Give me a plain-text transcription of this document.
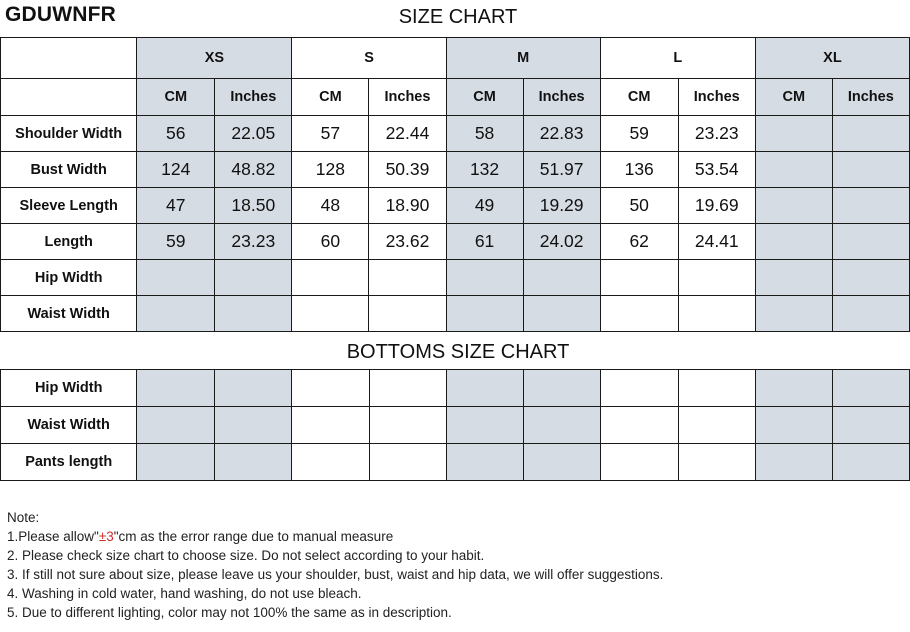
GDUWNFR	SIZE CHART
	XS		S		M		L		XL	
	CM	Inches	CM	Inches	CM	Inches	CM	Inches	CM	Inches
Shoulder Width	56	22.05	57	22.44	58	22.83	59	23.23		
Bust Width	124	48.82	128	50.39	132	51.97	136	53.54		
Sleeve Length	47	18.50	48	18.90	49	19.29	50	19.69		
Length	59	23.23	60	23.62	61	24.02	62	24.41		
Hip Width										
Waist Width										
BOTTOMS SIZE CHART
Hip Width										
Waist Width										
Pants length										
Note:
1.Please allow"±3"cm as the error range due to manual measure
2. Please check size chart to choose size. Do not select according to your habit.
3. If still not sure about size, please leave us your shoulder, bust, waist and hip data, we will offer suggestions.
4. Washing in cold water, hand washing, do not use bleach.
5. Due to different lighting, color may not 100% the same as in description.
